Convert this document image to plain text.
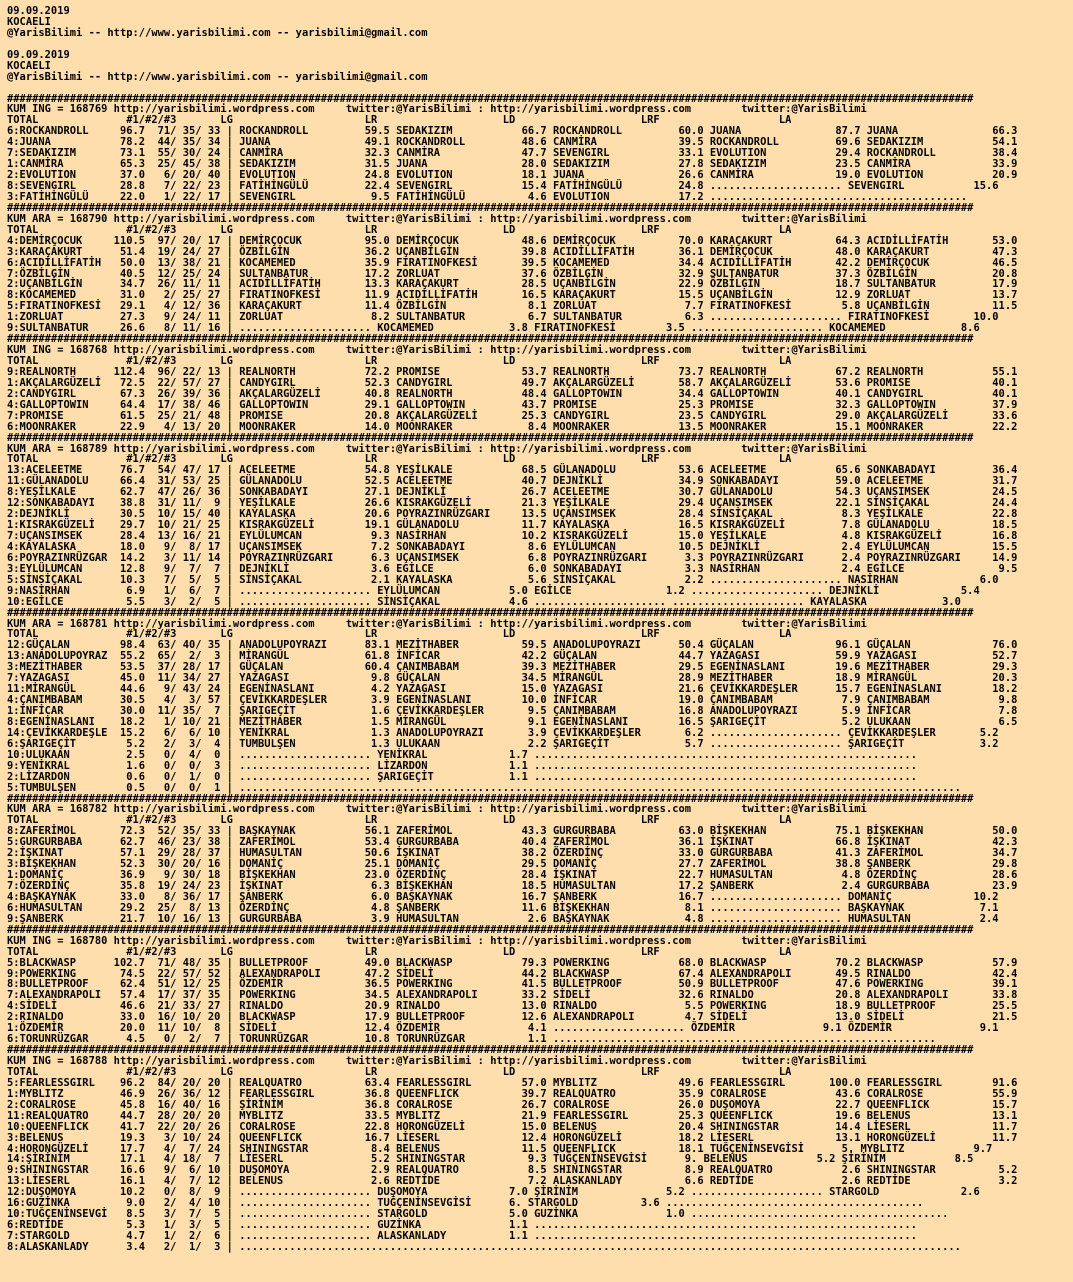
09.09.2019
KOCAELI
@YarisBilimi -- http://www.yarisbilimi.com -- yarisbilimi@gmail.com

09.09.2019
KOCAELI
@YarisBilimi -- http://www.yarisbilimi.com -- yarisbilimi@gmail.com

##########################################################################################################################################################
KUM ING = 168769 http://yarisbilimi.wordpress.com     twitter:@YarisBilimi : http://yarisbilimi.wordpress.com        twitter:@YarisBilimi
TOTAL              #1/#2/#3       LG                     LR                    LD                    LRF                   LA
6:ROCKANDROLL     96.7  71/ 35/ 33 | ROCKANDROLL         59.5 SEDAKIZIM           66.7 ROCKANDROLL         60.0 JUANA               87.7 JUANA               66.3
4:JUANA           78.2  44/ 35/ 34 | JUANA               49.1 ROCKANDROLL         48.6 CANMİRA             39.5 ROCKANDROLL         69.6 SEDAKIZIM           54.1
7:SEDAKIZIM       73.1  55/ 30/ 24 | CANMİRA             32.3 CANMİRA             47.7 SEVENGIRL           33.1 EVOLUTION           29.4 ROCKANDROLL         38.4
1:CANMİRA         65.3  25/ 45/ 38 | SEDAKIZIM           31.5 JUANA               28.0 SEDAKIZIM           27.8 SEDAKIZIM           23.5 CANMİRA             33.9
2:EVOLUTION       37.0   6/ 20/ 40 | EVOLUTION           24.8 EVOLUTION           18.1 JUANA               26.6 CANMİRA             19.0 EVOLUTION           20.9
8:SEVENGIRL       28.8   7/ 22/ 23 | FATİHİNGÜLÜ         22.4 SEVENGIRL           15.4 FATİHİNGÜLÜ         24.8 ..................... SEVENGIRL           15.6
3:FATİHİNGÜLÜ     22.0   1/ 22/ 17 | SEVENGIRL            9.5 FATİHİNGÜLÜ          4.6 EVOLUTION           17.2 .........................................
##########################################################################################################################################################
KUM ARA = 168790 http://yarisbilimi.wordpress.com     twitter:@YarisBilimi : http://yarisbilimi.wordpress.com        twitter:@YarisBilimi
TOTAL              #1/#2/#3       LG                     LR                    LD                    LRF                   LA
4:DEMİRÇOCUK     110.5  97/ 20/ 17 | DEMİRÇOCUK          95.0 DEMİRÇOCUK          48.6 DEMİRÇOCUK          70.0 KARAÇAKURT          64.3 ACIDİLLİFATİH       53.0
3:KARAÇAKURT      51.4  19/ 24/ 27 | ÖZBİLGİN            36.2 UÇANBİLGİN          39.8 ACIDİLLİFATİH       36.1 DEMİRÇOCUK          48.0 KARAÇAKURT          47.3
6:ACIDİLLİFATİH   50.0  13/ 38/ 21 | KOCAMEMED           35.9 FIRATINOFKESİ       39.5 KOCAMEMED           34.4 ACIDİLLİFATİH       42.2 DEMİRÇOCUK          46.5
7:ÖZBİLGİN        40.5  12/ 25/ 24 | SULTANBATUR         17.2 ZORLUAT             37.6 ÖZBİLGİN            32.9 SULTANBATUR         37.3 ÖZBİLGİN            20.8
2:UÇANBİLGİN      34.7  26/ 11/ 11 | ACIDİLLİFATİH       13.3 KARAÇAKURT          28.5 UÇANBİLGİN          22.9 ÖZBİLGİN            18.7 SULTANBATUR         17.9
8:KOCAMEMED       31.0   2/ 25/ 27 | FIRATINOFKESİ       11.9 ACIDİLLİFATİH       16.5 KARAÇAKURT          15.5 UÇANBİLGİN          12.9 ZORLUAT             13.7
5:FIRATINOFKESİ   29.1   4/ 12/ 36 | KARAÇAKURT          11.4 ÖZBİLGİN             8.1 ZORLUAT              7.7 FIRATINOFKESİ        5.8 UÇANBİLGİN          11.5
1:ZORLUAT         27.3   9/ 24/ 11 | ZORLUAT              8.2 SULTANBATUR          6.7 SULTANBATUR          6.3 ..................... FIRATINOFKESİ       10.0
9:SULTANBATUR     26.6   8/ 11/ 16 | ..................... KOCAMEMED            3.8 FIRATINOFKESİ        3.5 ..................... KOCAMEMED            8.6
##########################################################################################################################################################
KUM ING = 168768 http://yarisbilimi.wordpress.com     twitter:@YarisBilimi : http://yarisbilimi.wordpress.com        twitter:@YarisBilimi
TOTAL              #1/#2/#3       LG                     LR                    LD                    LRF                   LA
9:REALNORTH      112.4  96/ 22/ 13 | REALNORTH           72.2 PROMISE             53.7 REALNORTH           73.7 REALNORTH           67.2 REALNORTH           55.1
1:AKÇALARGÜZELİ   72.5  22/ 57/ 27 | CANDYGIRL           52.3 CANDYGIRL           49.7 AKÇALARGÜZELİ       58.7 AKÇALARGÜZELİ       53.6 PROMISE             40.1
2:CANDYGIRL       67.3  26/ 39/ 36 | AKÇALARGÜZELİ       40.8 REALNORTH           48.4 GALLOPTOWIN         34.4 GALLOPTOWIN         40.1 CANDYGIRL           40.1
4:GALLOPTOWIN     64.4  17/ 38/ 46 | GALLOPTOWIN         29.1 GALLOPTOWIN         43.7 PROMISE             25.3 PROMISE             32.3 GALLOPTOWIN         37.9
7:PROMISE         61.5  25/ 21/ 48 | PROMISE             20.8 AKÇALARGÜZELİ       25.3 CANDYGIRL           23.5 CANDYGIRL           29.0 AKÇALARGÜZELİ       33.6
6:MOONRAKER       22.9   4/ 13/ 20 | MOONRAKER           14.0 MOONRAKER            8.4 MOONRAKER           13.5 MOONRAKER           15.1 MOONRAKER           22.2
##########################################################################################################################################################
KUM ARA = 168789 http://yarisbilimi.wordpress.com     twitter:@YarisBilimi : http://yarisbilimi.wordpress.com        twitter:@YarisBilimi
TOTAL              #1/#2/#3       LG                     LR                    LD                    LRF                   LA
13:ACELEETME      76.7  54/ 47/ 17 | ACELEETME           54.8 YEŞİLKALE           68.5 GÜLANADOLU          53.6 ACELEETME           65.6 SONKABADAYI         36.4
11:GÜLANADOLU     66.4  31/ 53/ 25 | GÜLANADOLU          52.5 ACELEETME           40.7 DEJNİKLİ            34.9 SONKABADAYI         59.0 ACELEETME           31.7
8:YEŞİLKALE       62.7  47/ 26/ 36 | SONKABADAYI         27.1 DEJNİKLİ            26.7 ACELEETME           30.7 GÜLANADOLU          54.3 UÇANSIMSEK          24.5
12:SONKABADAYI    38.8  31/ 11/  9 | YEŞİLKALE           26.6 KISRAKGÜZELİ        21.3 YEŞİLKALE           29.4 UÇANSIMSEK          22.1 SİNSİÇAKAL          24.4
2:DEJNİKLİ        30.5  10/ 15/ 40 | KAYALASKA           20.6 POYRAZINRÜZGARI     13.5 UÇANSIMSEK          28.4 SİNSİÇAKAL           8.3 YEŞİLKALE           22.8
1:KISRAKGÜZELİ    29.7  10/ 21/ 25 | KISRAKGÜZELİ        19.1 GÜLANADOLU          11.7 KAYALASKA           16.5 KISRAKGÜZELİ         7.8 GÜLANADOLU          18.5
7:UÇANSIMSEK      28.4  13/ 16/ 21 | EYLÜLUMCAN           9.3 NASİRHAN            10.2 KISRAKGÜZELİ        15.0 YEŞİLKALE            4.8 KISRAKGÜZELİ        16.8
4:KAYALASKA       18.0   9/  8/ 17 | UÇANSIMSEK           7.2 SONKABADAYI          8.6 EYLÜLUMCAN          10.5 DEJNİKLİ             2.4 EYLÜLUMCAN          15.5
6:POYRAZINRÜZGAR  14.2   3/ 11/ 14 | POYRAZINRÜZGARI      6.3 UÇANSIMSEK           6.8 POYRAZINRÜZGARI      3.3 POYRAZINRÜZGARI      2.4 POYRAZINRÜZGARI     14.9
3:EYLÜLUMCAN      12.8   9/  7/  7 | DEJNİKLİ             3.6 EGİLCE               6.0 SONKABADAYI          3.3 NASİRHAN             2.4 EGİLCE               9.5
5:SİNSİÇAKAL      10.3   7/  5/  5 | SİNSİÇAKAL           2.1 KAYALASKA            5.6 SİNSİÇAKAL           2.2 ..................... NASİRHAN             6.0
9:NASİRHAN         6.9   1/  6/  7 | ..................... EYLÜLUMCAN           5.0 EGİLCE               1.2 ..................... DEJNİKLİ             5.4
10:EGİLCE          5.5   3/  2/  5 | ..................... SİNSİÇAKAL           4.6 ..................... ..................... KAYALASKA            3.0
##########################################################################################################################################################
KUM ARA = 168781 http://yarisbilimi.wordpress.com     twitter:@YarisBilimi : http://yarisbilimi.wordpress.com        twitter:@YarisBilimi
TOTAL              #1/#2/#3       LG                     LR                    LD                    LRF                   LA
12:GÜÇALAN        98.4  63/ 40/ 35 | ANADOLUPOYRAZI      83.1 MEZİTHABER          59.5 ANADOLUPOYRAZI      50.4 GÜÇALAN             96.1 GÜÇALAN             76.0
13:ANADOLUPOYRAZ  55.2  65/  2/  3 | MİRANGÜL            61.8 İNFİCAR             42.2 GÜÇALAN             44.7 YAZAGASI            59.9 YAZAGASI            52.7
3:MEZİTHABER      53.5  37/ 28/ 17 | GÜÇALAN             60.4 ÇANIMBABAM          39.3 MEZİTHABER          29.5 EGENİNASLANI        19.6 MEZİTHABER          29.3
7:YAZAGASI        45.0  11/ 34/ 27 | YAZAGASI             9.8 GÜÇALAN             34.5 MİRANGÜL            28.9 MEZİTHABER          18.9 MİRANGÜL            20.3
11:MİRANGÜL       44.6   9/ 43/ 24 | EGENİNASLANI         4.2 YAZAGASI            15.0 YAZAGASI            21.6 ÇEVİKKARDEŞLER      15.7 EGENİNASLANI        18.2
4:ÇANIMBABAM      30.5   4/  3/ 57 | ÇEVİKKARDEŞLER       3.9 EGENİNASLANI        10.0 İNFİCAR             19.0 ÇANIMBABAM           7.9 ÇANIMBABAM           9.8
1:İNFİCAR         30.0  11/ 35/  7 | ŞARIGEÇİT            1.6 ÇEVİKKARDEŞLER       9.5 ÇANIMBABAM          16.8 ANADOLUPOYRAZI       5.9 İNFİCAR              7.8
8:EGENİNASLANI    18.2   1/ 10/ 21 | MEZİTHABER           1.5 MİRANGÜL             9.1 EGENİNASLANI        16.5 ŞARIGEÇİT            5.2 ULUKAAN              6.5
14:ÇEVİKKARDEŞLE  15.2   6/  6/ 10 | YENİKRAL             1.3 ANADOLUPOYRAZI       3.9 ÇEVİKKARDEŞLER       6.2 ..................... ÇEVİKKARDEŞLER       5.2
6:ŞARIGEÇİT        5.2   2/  3/  4 | TUMBULŞEN            1.3 ULUKAAN              2.2 ŞARIGEÇİT            5.7 ..................... ŞARIGEÇİT            3.2
10:ULUKAAN         2.5   0/  4/  0 | ..................... YENİKRAL             1.7 .............................................................
9:YENİKRAL         1.6   0/  0/  3 | ..................... LİZARDON             1.1 .............................................................
2:LİZARDON         0.6   0/  1/  0 | ..................... ŞARIGEÇİT            1.1 .............................................................
5:TUMBULŞEN        0.5   0/  0/  1 | ...................................................................................................................
##########################################################################################################################################################
KUM ARA = 168782 http://yarisbilimi.wordpress.com     twitter:@YarisBilimi : http://yarisbilimi.wordpress.com        twitter:@YarisBilimi
TOTAL              #1/#2/#3       LG                     LR                    LD                    LRF                   LA
8:ZAFERİMOL       72.3  52/ 35/ 33 | BAŞKAYNAK           56.1 ZAFERİMOL           43.3 GURGURBABA          63.0 BİŞKEKHAN           75.1 BİŞKEKHAN           50.0
5:GURGURBABA      62.7  46/ 23/ 38 | ZAFERİMOL           53.4 GURGURBABA          40.4 ZAFERİMOL           36.1 İŞKINAT             66.8 İŞKINAT             42.3
2:İŞKINAT         57.1  29/ 28/ 37 | HUMASULTAN          50.6 İŞKINAT             38.2 ÖZERDİNÇ            33.0 GURGURBABA          41.3 ZAFERİMOL           34.7
3:BİŞKEKHAN       52.3  30/ 20/ 16 | DOMANİÇ             25.1 DOMANİÇ             29.5 DOMANİÇ             27.7 ZAFERİMOL           38.8 ŞANBERK             29.8
1:DOMANİÇ         36.9   9/ 30/ 18 | BİŞKEKHAN           23.0 ÖZERDİNÇ            28.4 İŞKINAT             22.7 HUMASULTAN           4.8 ÖZERDİNÇ            28.6
7:ÖZERDİNÇ        35.8  19/ 24/ 23 | İŞKINAT              6.3 BİŞKEKHAN           18.5 HUMASULTAN          17.2 ŞANBERK              2.4 GURGURBABA          23.9
4:BAŞKAYNAK       33.0   8/ 36/ 17 | ŞANBERK              6.0 BAŞKAYNAK           16.7 ŞANBERK             16.7 ..................... DOMANİÇ             10.2
6:HUMASULTAN      29.2  25/  8/ 13 | ÖZERDİNÇ             4.8 ŞANBERK             11.6 BİŞKEKHAN            8.1 ..................... BAŞKAYNAK            7.1
9:ŞANBERK         21.7  10/ 16/ 13 | GURGURBABA           3.9 HUMASULTAN           2.6 BAŞKAYNAK            4.8 ..................... HUMASULTAN           2.4
##########################################################################################################################################################
KUM ING = 168780 http://yarisbilimi.wordpress.com     twitter:@YarisBilimi : http://yarisbilimi.wordpress.com        twitter:@YarisBilimi
TOTAL              #1/#2/#3       LG                     LR                    LD                    LRF                   LA
5:BLACKWASP      102.7  71/ 48/ 35 | BULLETPROOF         49.0 BLACKWASP           79.3 POWERKING           68.0 BLACKWASP           70.2 BLACKWASP           57.9
9:POWERKING       74.5  22/ 57/ 52 | ALEXANDRAPOLI       47.2 SİDELİ              44.2 BLACKWASP           67.4 ALEXANDRAPOLI       49.5 RINALDO             42.4
8:BULLETPROOF     62.4  51/ 12/ 25 | ÖZDEMİR             36.5 POWERKING           41.5 BULLETPROOF         50.9 BULLETPROOF         47.6 POWERKING           39.1
7:ALEXANDRAPOLI   57.4  17/ 37/ 35 | POWERKING           34.5 ALEXANDRAPOLI       33.2 SİDELİ              32.6 RINALDO             20.8 ALEXANDRAPOLI       33.8
4:SİDELİ          46.6  21/ 33/ 27 | RINALDO             20.9 RINALDO             13.0 RINALDO              5.5 POWERKING           18.9 BULLETPROOF         25.5
2:RINALDO         33.0  16/ 10/ 20 | BLACKWASP           17.9 BULLETPROOF         12.6 ALEXANDRAPOLI        4.7 SİDELİ              13.0 SİDELİ              21.5
1:ÖZDEMİR         20.0  11/ 10/  8 | SİDELİ              12.4 ÖZDEMİR              4.1 ..................... ÖZDEMİR              9.1 ÖZDEMİR              9.1
6:TORUNRÜZGAR      4.5   0/  2/  7 | TORUNRÜZGAR         10.8 TORUNRÜZGAR          1.1 .............................................................
##########################################################################################################################################################
KUM ING = 168788 http://yarisbilimi.wordpress.com     twitter:@YarisBilimi : http://yarisbilimi.wordpress.com        twitter:@YarisBilimi
TOTAL              #1/#2/#3       LG                     LR                    LD                    LRF                   LA
5:FEARLESSGIRL    96.2  84/ 20/ 20 | REALQUATRO          63.4 FEARLESSGIRL        57.0 MYBLITZ             49.6 FEARLESSGIRL       100.0 FEARLESSGIRL        91.6
1:MYBLITZ         46.9  26/ 36/ 12 | FEARLESSGIRL        36.8 QUEENFLICK          39.7 REALQUATRO          35.9 CORALROSE           43.6 CORALROSE           55.9
2:CORALROSE       45.8  16/ 40/ 16 | ŞİRİNİM             36.8 CORALROSE           26.7 CORALROSE           26.0 DUŞOMOYA            22.7 QUEENFLICK          15.7
11:REALQUATRO     44.7  28/ 20/ 20 | MYBLITZ             33.5 MYBLITZ             21.9 FEARLESSGIRL        25.3 QUEENFLICK          19.6 BELENUS             13.1
10:QUEENFLICK     41.7  22/ 20/ 26 | CORALROSE           22.8 HORONGÜZELİ         15.0 BELENUS             20.4 SHININGSTAR         14.4 LİESERL             11.7
3:BELENUS         19.3   3/ 10/ 24 | QUEENFLICK          16.7 LİESERL             12.4 HORONGÜZELİ         18.2 LİESERL             13.1 HORONGÜZELİ         11.7
4:HORONGÜZELİ     17.7   4/  7/ 24 | SHININGSTAR          8.4 BELENUS             11.5 QUEENFLICK          18.1 TUĞÇENİNSEVGİSİ      5. MYBLITZ           9.7
14:ŞİRİNİM        17.1   4/ 18/  7 | LİESERL              5.2 SHININGSTAR          9.3 TUĞÇENİNSEVGİSİ      9. BELENUS           5.2 ŞİRİNİM           8.5
9:SHININGSTAR     16.6   9/  6/ 10 | DUŞOMOYA             2.9 REALQUATRO           8.5 SHININGSTAR          8.9 REALQUATRO           2.6 SHININGSTAR          5.2
13:LİESERL        16.1   4/  7/ 12 | BELENUS              2.6 REDTİDE              7.2 ALASKANLADY          6.6 REDTİDE              2.6 REDTİDE              3.2
12:DUŞOMOYA       10.2   0/  8/  9 | ..................... DUŞOMOYA             7.0 ŞİRİNİM              5.2 ..................... STARGOLD             2.6
16:GUZİNKA         9.0   2/  4/ 10 | ..................... TUĞÇENİNSEVGİSİ      6. STARGOLD          3.6 .........................................
10:TUĞÇENİNSEVGİ   8.5   3/  7/  5 | ..................... STARGOLD             5.0 GUZİNKA              1.0 .........................................
6:REDTİDE          5.3   1/  3/  5 | ..................... GUZİNKA              1.1 .............................................................
7:STARGOLD         4.7   1/  2/  6 | ..................... ALASKANLADY          1.1 .............................................................
8:ALASKANLADY      3.4   2/  1/  3 | ...................................................................................................................
